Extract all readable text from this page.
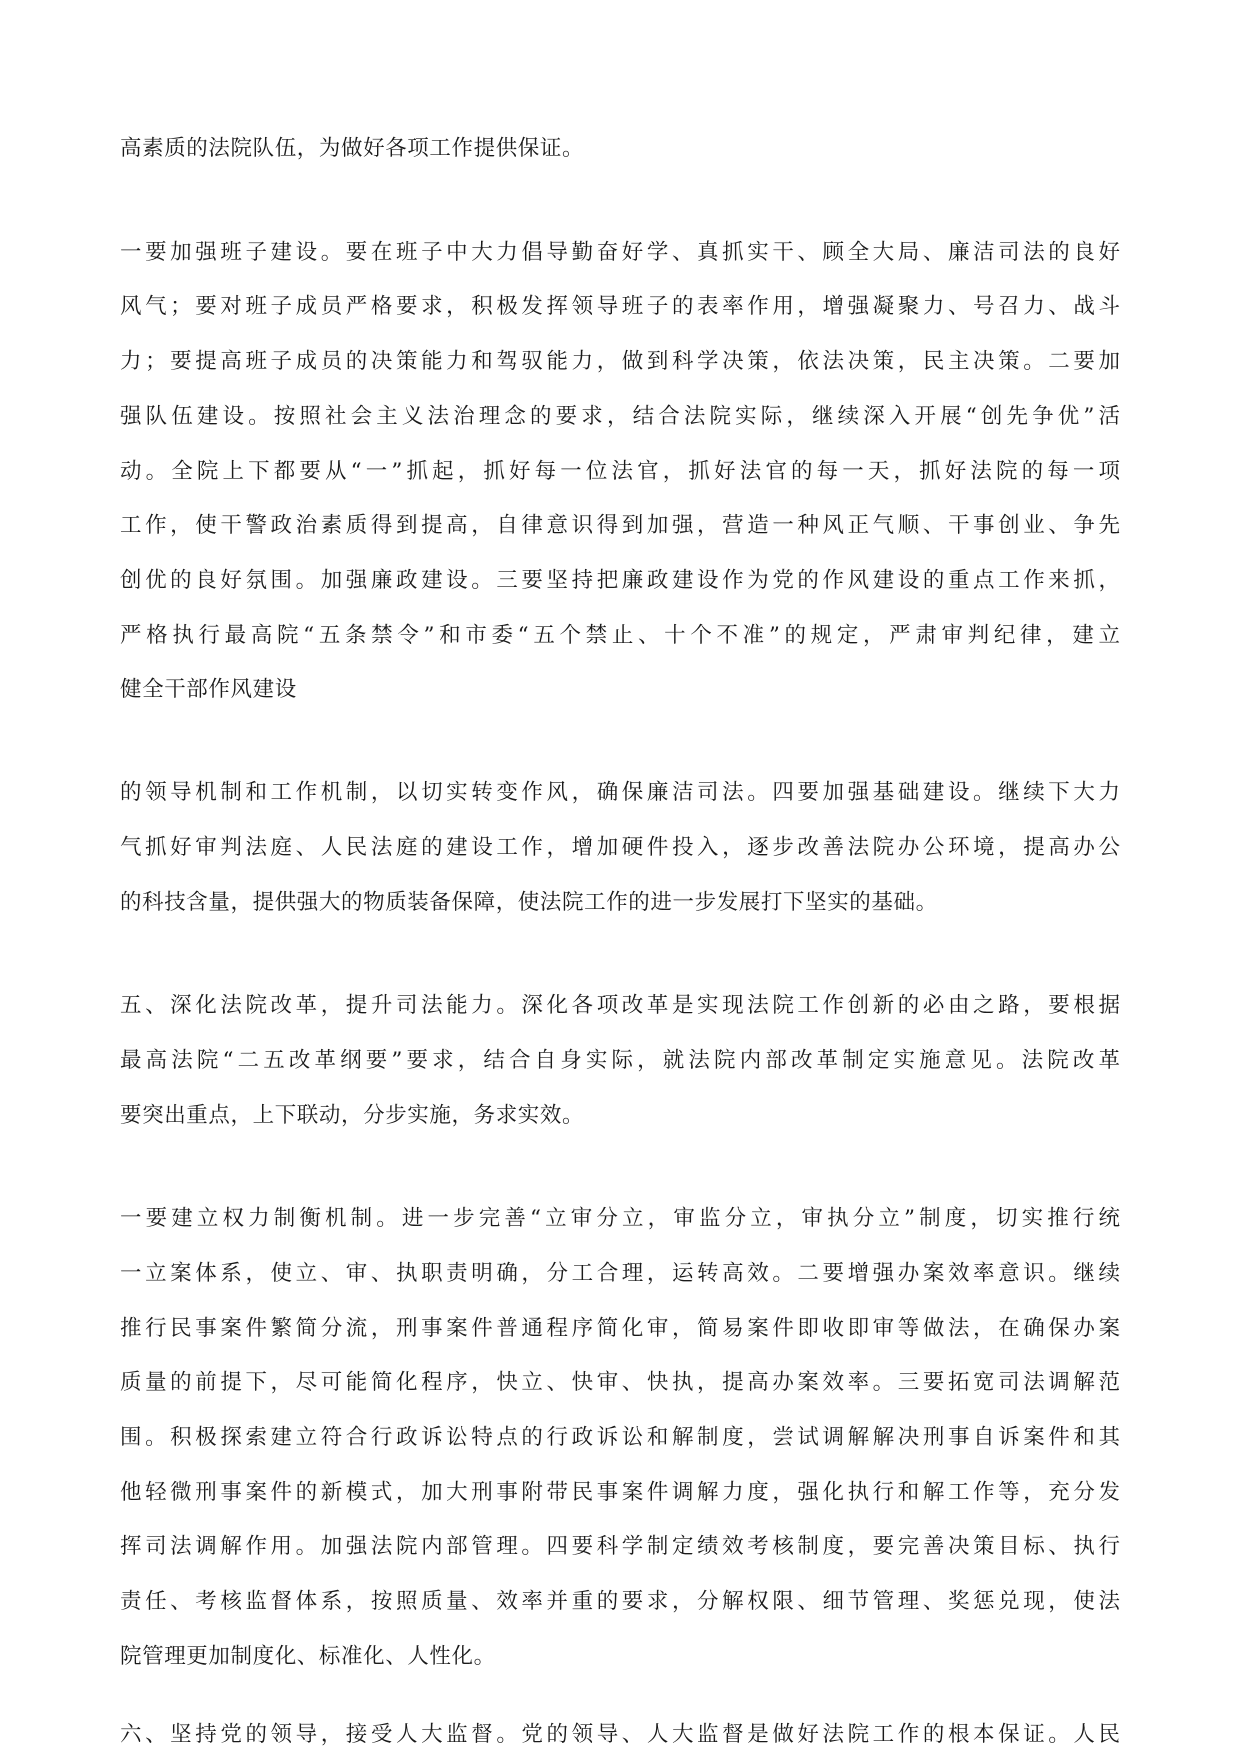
高素质的法院队伍，为做好各项工作提供保证。
一要加强班子建设。要在班子中大力倡导勤奋好学、真抓实干、顾全大局、廉洁司法的良好
风气；要对班子成员严格要求，积极发挥领导班子的表率作用，增强凝聚力、号召力、战斗
力；要提高班子成员的决策能力和驾驭能力，做到科学决策，依法决策，民主决策。二要加
强队伍建设。按照社会主义法治理念的要求，结合法院实际，继续深入开展“创先争优”活
动。全院上下都要从“一”抓起，抓好每一位法官，抓好法官的每一天，抓好法院的每一项
工作，使干警政治素质得到提高，自律意识得到加强，营造一种风正气顺、干事创业、争先
创优的良好氛围。加强廉政建设。三要坚持把廉政建设作为党的作风建设的重点工作来抓，
严格执行最高院“五条禁令”和市委“五个禁止、十个不准”的规定，严肃审判纪律，建立
健全干部作风建设
的领导机制和工作机制，以切实转变作风，确保廉洁司法。四要加强基础建设。继续下大力
气抓好审判法庭、人民法庭的建设工作，增加硬件投入，逐步改善法院办公环境，提高办公
的科技含量，提供强大的物质装备保障，使法院工作的进一步发展打下坚实的基础。
五、深化法院改革，提升司法能力。深化各项改革是实现法院工作创新的必由之路，要根据
最高法院“二五改革纲要”要求，结合自身实际，就法院内部改革制定实施意见。法院改革
要突出重点，上下联动，分步实施，务求实效。
一要建立权力制衡机制。进一步完善“立审分立，审监分立，审执分立”制度，切实推行统
一立案体系，使立、审、执职责明确，分工合理，运转高效。二要增强办案效率意识。继续
推行民事案件繁简分流，刑事案件普通程序简化审，简易案件即收即审等做法，在确保办案
质量的前提下，尽可能简化程序，快立、快审、快执，提高办案效率。三要拓宽司法调解范
围。积极探索建立符合行政诉讼特点的行政诉讼和解制度，尝试调解解决刑事自诉案件和其
他轻微刑事案件的新模式，加大刑事附带民事案件调解力度，强化执行和解工作等，充分发
挥司法调解作用。加强法院内部管理。四要科学制定绩效考核制度，要完善决策目标、执行
责任、考核监督体系，按照质量、效率并重的要求，分解权限、细节管理、奖惩兑现，使法
院管理更加制度化、标准化、人性化。
六、坚持党的领导，接受人大监督。党的领导、人大监督是做好法院工作的根本保证。人民
